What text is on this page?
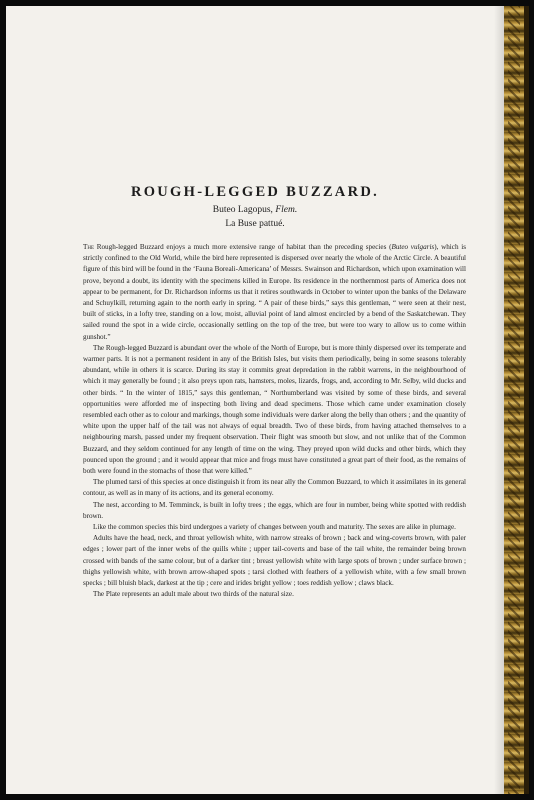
ROUGH-LEGGED BUZZARD.
Buteo Lagopus, Flem.
La Buse pattué.

The Rough-legged Buzzard enjoys a much more extensive range of habitat than the preceding species (Buteo vulgaris), which is strictly confined to the Old World, while the bird here represented is dispersed over nearly the whole of the Arctic Circle. A beautiful figure of this bird will be found in the ‘Fauna Boreali-Americana’ of Messrs. Swainson and Richardson, which upon examination will prove, beyond a doubt, its identity with the specimens killed in Europe. Its residence in the northernmost parts of America does not appear to be permanent, for Dr. Richardson informs us that it retires southwards in October to winter upon the banks of the Delaware and Schuylkill, returning again to the north early in spring. “ A pair of these birds,” says this gentleman, “ were seen at their nest, built of sticks, in a lofty tree, standing on a low, moist, alluvial point of land almost encircled by a bend of the Saskatchewan. They sailed round the spot in a wide circle, occasionally settling on the top of the tree, but were too wary to allow us to come within gunshot.”

The Rough-legged Buzzard is abundant over the whole of the North of Europe, but is more thinly dispersed over its temperate and warmer parts. It is not a permanent resident in any of the British Isles, but visits them periodically, being in some seasons tolerably abundant, while in others it is scarce. During its stay it commits great depredation in the rabbit warrens, in the neighbourhood of which it may generally be found ; it also preys upon rats, hamsters, moles, lizards, frogs, and, according to Mr. Selby, wild ducks and other birds. “ In the winter of 1815,” says this gentleman, “ Northumberland was visited by some of these birds, and several opportunities were afforded me of inspecting both living and dead specimens. Those which came under examination closely resembled each other as to colour and markings, though some individuals were darker along the belly than others ; and the quantity of white upon the upper half of the tail was not always of equal breadth. Two of these birds, from having attached themselves to a neighbouring marsh, passed under my frequent observation. Their flight was smooth but slow, and not unlike that of the Common Buzzard, and they seldom continued for any length of time on the wing. They preyed upon wild ducks and other birds, which they pounced upon the ground ; and it would appear that mice and frogs must have constituted a great part of their food, as the remains of both were found in the stomachs of those that were killed.”

The plumed tarsi of this species at once distinguish it from its near ally the Common Buzzard, to which it assimilates in its general contour, as well as in many of its actions, and its general economy.

The nest, according to M. Temminck, is built in lofty trees ; the eggs, which are four in number, being white spotted with reddish brown.

Like the common species this bird undergoes a variety of changes between youth and maturity. The sexes are alike in plumage.

Adults have the head, neck, and throat yellowish white, with narrow streaks of brown ; back and wing-coverts brown, with paler edges ; lower part of the inner webs of the quills white ; upper tail-coverts and base of the tail white, the remainder being brown crossed with bands of the same colour, but of a darker tint ; breast yellowish white with large spots of brown ; under surface brown ; thighs yellowish white, with brown arrow-shaped spots ; tarsi clothed with feathers of a yellowish white, with a few small brown specks ; bill bluish black, darkest at the tip ; cere and irides bright yellow ; toes reddish yellow ; claws black.

The Plate represents an adult male about two thirds of the natural size.
